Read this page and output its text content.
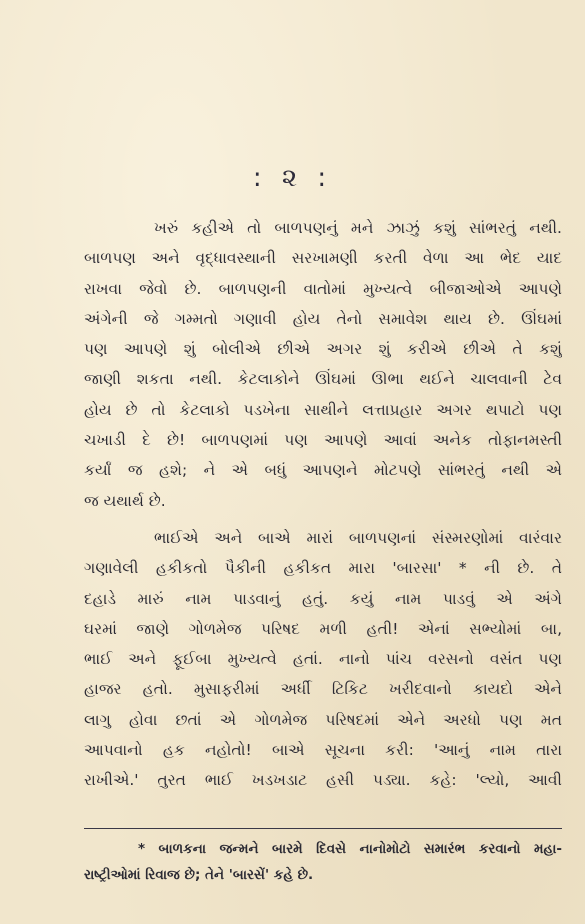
: ૨ :
ખરું કહીએ તો બાળપણનું મને ઝાઝું કશું સાંભરતું નથી.
બાળપણ અને વૃદ્ધાવસ્થાની સરખામણી કરતી વેળા આ ભેદ યાદ
રાખવા જેવો છે. બાળપણની વાતોમાં મુખ્યત્વે બીજાઓએ આપણે
અંગેની જે ગમ્મતો ગણાવી હોય તેનો સમાવેશ થાય છે. ઊંઘમાં
પણ આપણે શું બોલીએ છીએ અગર શું કરીએ છીએ તે કશું
જાણી શકતા નથી. કેટલાકોને ઊંઘમાં ઊભા થઈને ચાલવાની ટેવ
હોય છે તો કેટલાકો પડખેના સાથીને લત્તાપ્રહાર અગર થપાટો પણ
ચખાડી દે છે! બાળપણમાં પણ આપણે આવાં અનેક તોફાનમસ્તી
કર્યાં જ હશે; ને એ બધું આપણને મોટપણે સાંભરતું નથી એ
જ યથાર્થ છે.
ભાઈએ અને બાએ મારાં બાળપણનાં સંસ્મરણોમાં વારંવાર
ગણાવેલી હકીકતો પૈકીની હકીકત મારા 'બારસા' * ની છે. તે
દહાડે મારું નામ પાડવાનું હતું. કયું નામ પાડવું એ અંગે
ઘરમાં જાણે ગોળમેજ પરિષદ મળી હતી! એનાં સભ્યોમાં બા,
ભાઈ અને ફૂઈબા મુખ્યત્વે હતાં. નાનો પાંચ વરસનો વસંત પણ
હાજર હતો. મુસાફરીમાં અર્ધી ટિકિટ ખરીદવાનો કાયદો એને
લાગુ હોવા છતાં એ ગોળમેજ પરિષદમાં એને અરધો પણ મત
આપવાનો હક નહોતો! બાએ સૂચના કરી: 'આનું નામ તારા
રાખીએ.' તુરત ભાઈ ખડખડાટ હસી પડ્યા. કહે: 'લ્યો, આવી
* બાળકના જન્મને બારમે દિવસે નાનોમોટો સમારંભ કરવાનો મહા-
રાષ્ટ્રીઓમાં રિવાજ છે; તેને 'બારસેં' કહે છે.
